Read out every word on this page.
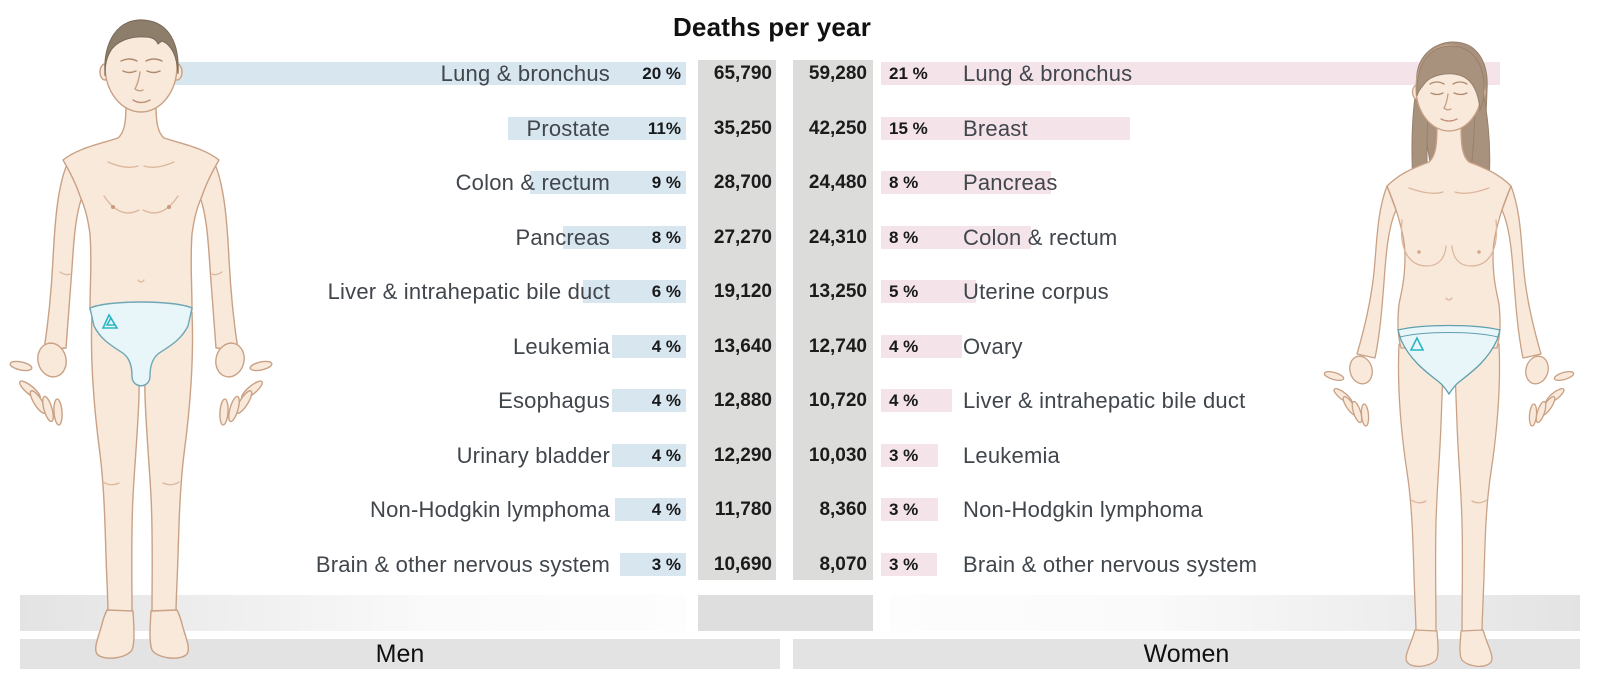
Deaths per year
Men	Women
Lung & bronchus 20 % 65,790 59,280 21 % Lung & bronchus
Prostate 11% 35,250 42,250 15 % Breast
Colon & rectum 9 % 28,700 24,480 8 % Pancreas
Pancreas 8 % 27,270 24,310 8 % Colon & rectum
Liver & intrahepatic bile duct 6 % 19,120 13,250 5 % Uterine corpus
Leukemia 4 % 13,640 12,740 4 % Ovary
Esophagus 4 % 12,880 10,720 4 % Liver & intrahepatic bile duct
Urinary bladder 4 % 12,290 10,030 3 % Leukemia
Non-Hodgkin lymphoma 4 % 11,780 8,360 3 % Non-Hodgkin lymphoma
Brain & other nervous system 3 % 10,690 8,070 3 % Brain & other nervous system
